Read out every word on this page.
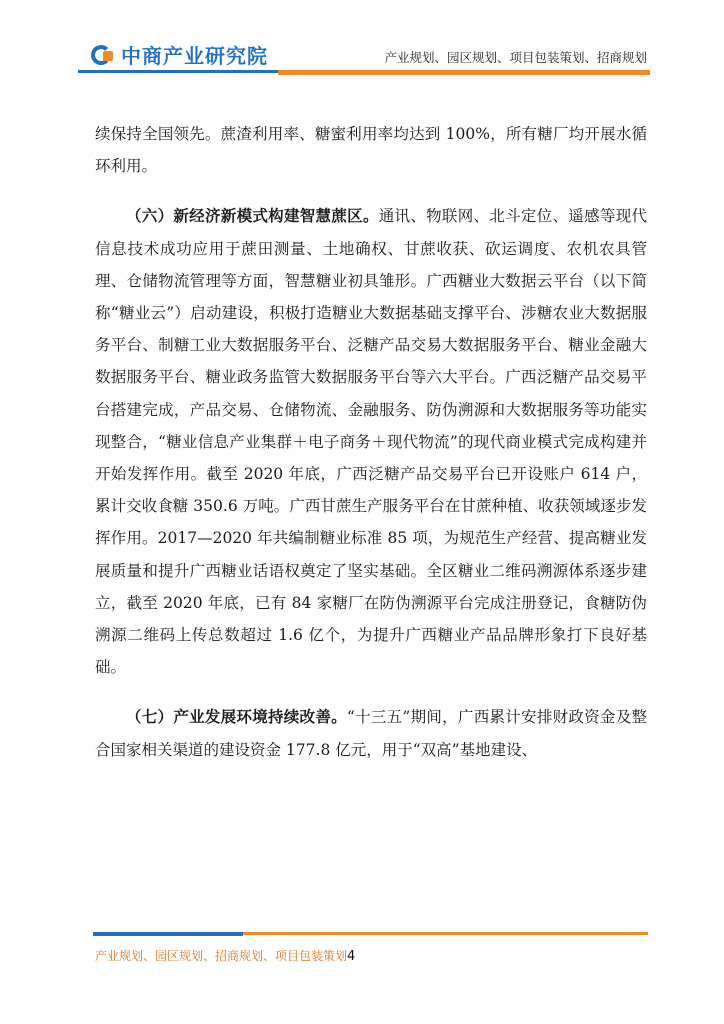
中商产业研究院	产业规划、园区规划、项目包装策划、招商规划

续保持全国领先。蔗渣利用率、糖蜜利用率均达到 100%，所有糖厂均开展水循环利用。

（六）新经济新模式构建智慧蔗区。通讯、物联网、北斗定位、遥感等现代信息技术成功应用于蔗田测量、土地确权、甘蔗收获、砍运调度、农机农具管理、仓储物流管理等方面，智慧糖业初具雏形。广西糖业大数据云平台（以下简称“糖业云”）启动建设，积极打造糖业大数据基础支撑平台、涉糖农业大数据服务平台、制糖工业大数据服务平台、泛糖产品交易大数据服务平台、糖业金融大数据服务平台、糖业政务监管大数据服务平台等六大平台。广西泛糖产品交易平台搭建完成，产品交易、仓储物流、金融服务、防伪溯源和大数据服务等功能实现整合，“糖业信息产业集群＋电子商务＋现代物流”的现代商业模式完成构建并开始发挥作用。截至 2020 年底，广西泛糖产品交易平台已开设账户 614 户，累计交收食糖 350.6 万吨。广西甘蔗生产服务平台在甘蔗种植、收获领域逐步发挥作用。2017—2020 年共编制糖业标准 85 项，为规范生产经营、提高糖业发展质量和提升广西糖业话语权奠定了坚实基础。全区糖业二维码溯源体系逐步建立，截至 2020 年底，已有 84 家糖厂在防伪溯源平台完成注册登记，食糖防伪溯源二维码上传总数超过 1.6 亿个，为提升广西糖业产品品牌形象打下良好基础。

（七）产业发展环境持续改善。“十三五”期间，广西累计安排财政资金及整合国家相关渠道的建设资金 177.8 亿元，用于“双高”基地建设、

产业规划、园区规划、招商规划、项目包装策划4
